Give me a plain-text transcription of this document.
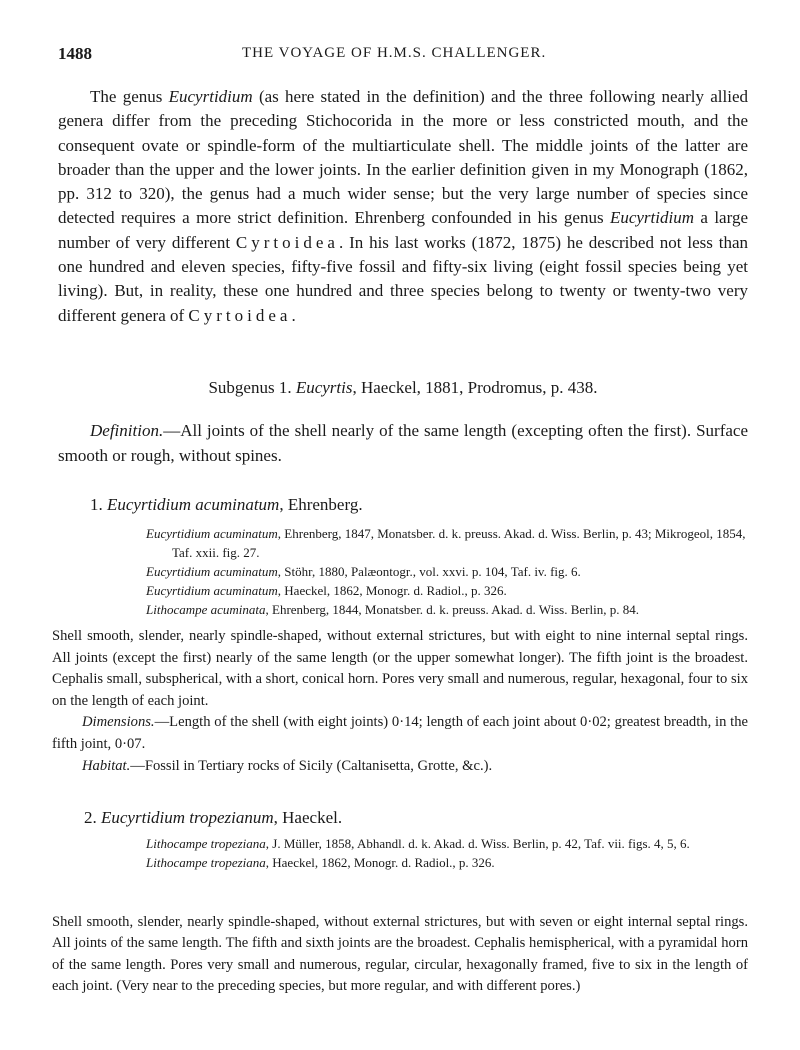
1488	THE VOYAGE OF H.M.S. CHALLENGER.

The genus Eucyrtidium (as here stated in the definition) and the three following nearly allied genera differ from the preceding Stichocorida in the more or less constricted mouth, and the consequent ovate or spindle-form of the multiarticulate shell. The middle joints of the latter are broader than the upper and the lower joints. In the earlier definition given in my Monograph (1862, pp. 312 to 320), the genus had a much wider sense; but the very large number of species since detected requires a more strict definition. Ehrenberg confounded in his genus Eucyrtidium a large number of very different Cyrtoidea. In his last works (1872, 1875) he described not less than one hundred and eleven species, fifty-five fossil and fifty-six living (eight fossil species being yet living). But, in reality, these one hundred and three species belong to twenty or twenty-two very different genera of Cyrtoidea.

Subgenus 1. Eucyrtis, Haeckel, 1881, Prodromus, p. 438.

Definition.—All joints of the shell nearly of the same length (excepting often the first). Surface smooth or rough, without spines.

1. Eucyrtidium acuminatum, Ehrenberg.

Eucyrtidium acuminatum, Ehrenberg, 1847, Monatsber. d. k. preuss. Akad. d. Wiss. Berlin, p. 43; Mikrogeol, 1854, Taf. xxii. fig. 27.

Eucyrtidium acuminatum, Stöhr, 1880, Palæontogr., vol. xxvi. p. 104, Taf. iv. fig. 6.

Eucyrtidium acuminatum, Haeckel, 1862, Monogr. d. Radiol., p. 326.

Lithocampe acuminata, Ehrenberg, 1844, Monatsber. d. k. preuss. Akad. d. Wiss. Berlin, p. 84.

Shell smooth, slender, nearly spindle-shaped, without external strictures, but with eight to nine internal septal rings. All joints (except the first) nearly of the same length (or the upper somewhat longer). The fifth joint is the broadest. Cephalis small, subspherical, with a short, conical horn. Pores very small and numerous, regular, hexagonal, four to six on the length of each joint.

Dimensions.—Length of the shell (with eight joints) 0·14; length of each joint about 0·02; greatest breadth, in the fifth joint, 0·07.

Habitat.—Fossil in Tertiary rocks of Sicily (Caltanisetta, Grotte, &c.).

2. Eucyrtidium tropezianum, Haeckel.

Lithocampe tropeziana, J. Müller, 1858, Abhandl. d. k. Akad. d. Wiss. Berlin, p. 42, Taf. vii. figs. 4, 5, 6.

Lithocampe tropeziana, Haeckel, 1862, Monogr. d. Radiol., p. 326.

Shell smooth, slender, nearly spindle-shaped, without external strictures, but with seven or eight internal septal rings. All joints of the same length. The fifth and sixth joints are the broadest. Cephalis hemispherical, with a pyramidal horn of the same length. Pores very small and numerous, regular, circular, hexagonally framed, five to six in the length of each joint. (Very near to the preceding species, but more regular, and with different pores.)
